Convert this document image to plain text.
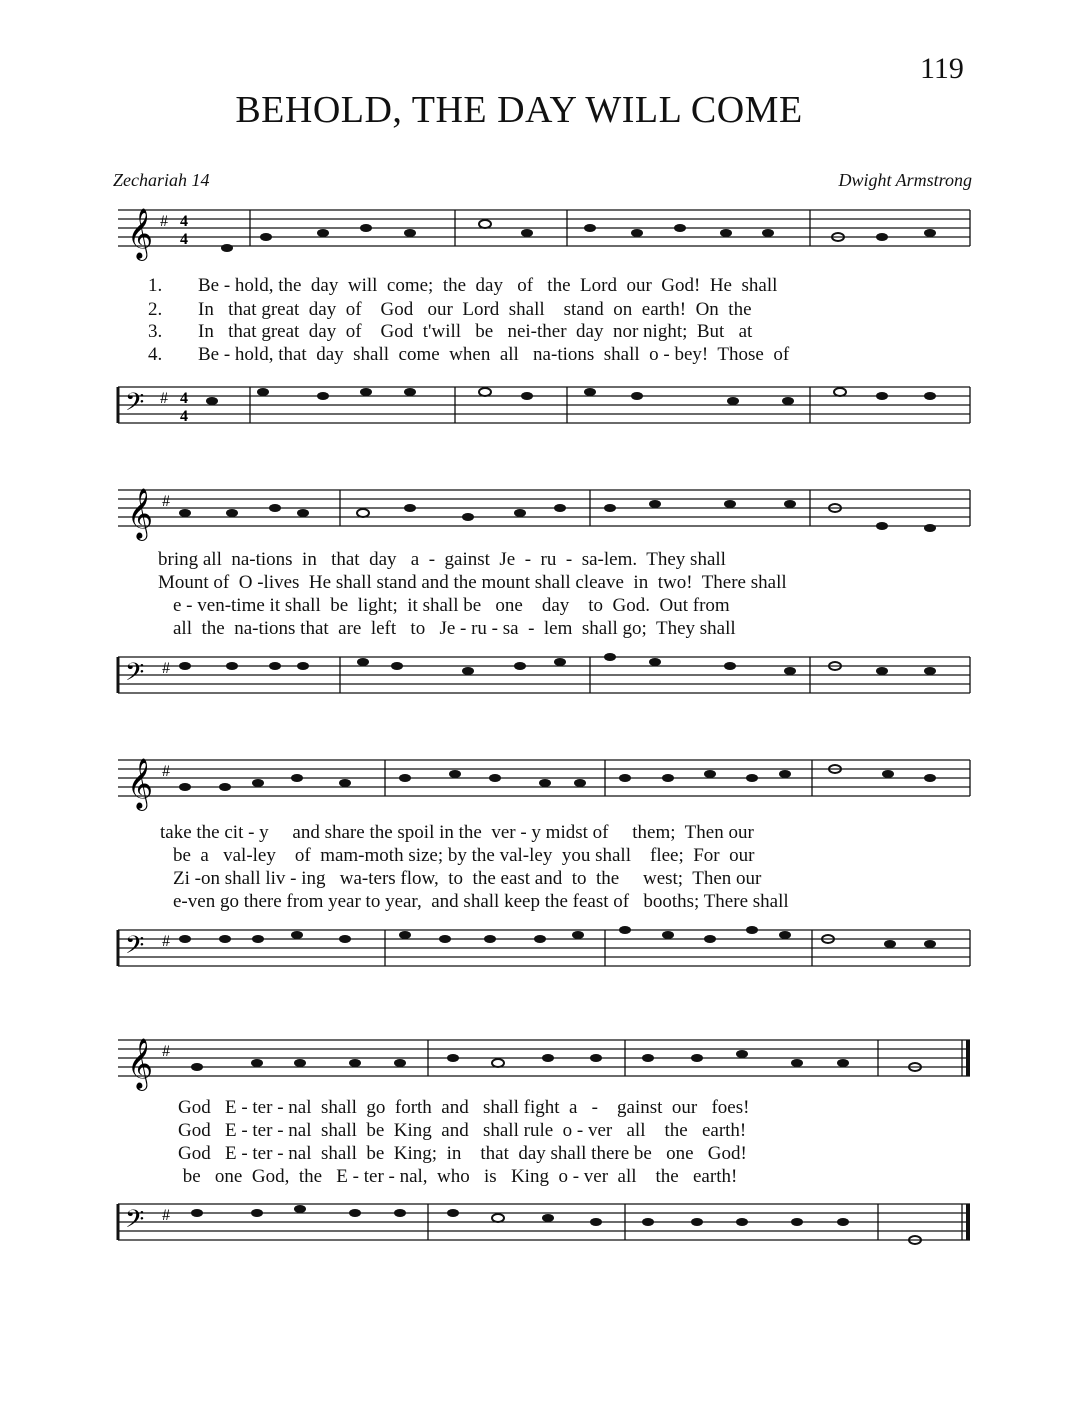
119
BEHOLD, THE DAY WILL COME
Zechariah 14	Dwight Armstrong
𝄞 # 4
4
1.
2.
3.
4.
Be - hold, the  day  will  come;  the  day   of   the  Lord  our  God!  He  shall
In   that great  day  of    God   our  Lord  shall    stand  on  earth!  On  the
In   that great  day  of    God  t'will   be   nei-ther  day  nor night;  But   at
Be - hold, that  day  shall  come  when  all   na-tions  shall  o - bey!  Those  of
𝄢 # 4
4
𝄞 #
bring all  na-tions  in   that  day   a  -  gainst  Je  -  ru  -  sa-lem.  They shall
Mount of  O -lives  He shall stand and the mount shall cleave  in  two!  There shall
e - ven-time it shall  be  light;  it shall be   one    day    to  God.  Out from
all  the  na-tions that  are  left   to   Je - ru - sa  -  lem  shall go;  They shall
𝄢 #
𝄞 #
take the cit - y     and share the spoil in the  ver - y midst of     them;  Then our
be  a   val-ley    of  mam-moth size; by the val-ley  you shall    flee;  For  our
Zi -on shall liv - ing   wa-ters flow,  to  the east and  to  the     west;  Then our
e-ven go there from year to year,  and shall keep the feast of   booths; There shall
𝄢 #
𝄞 #
God   E - ter - nal  shall  go  forth  and   shall fight  a   -    gainst  our   foes!
God   E - ter - nal  shall  be  King  and   shall rule  o - ver   all    the   earth!
God   E - ter - nal  shall  be  King;  in    that  day shall there be   one   God!
be   one  God,  the   E - ter - nal,  who   is   King  o - ver  all    the   earth!
𝄢 #
